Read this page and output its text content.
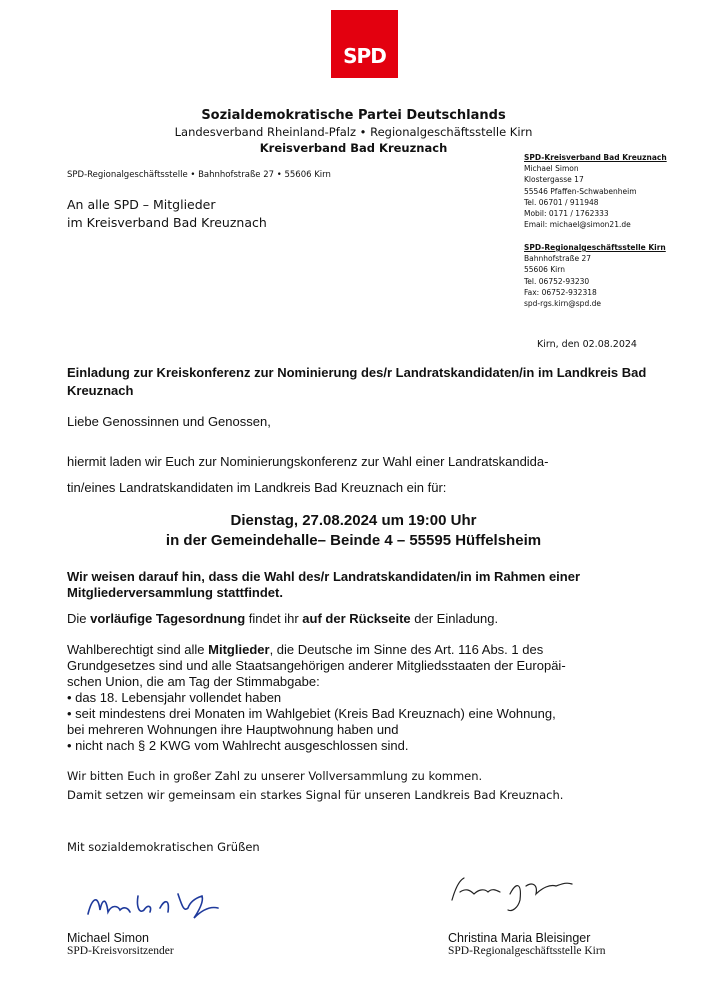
SPD
Sozialdemokratische Partei Deutschlands
Landesverband Rheinland-Pfalz • Regionalgeschäftsstelle Kirn
Kreisverband Bad Kreuznach
SPD-Regionalgeschäftsstelle • Bahnhofstraße 27 • 55606 Kirn
An alle SPD – Mitglieder
im Kreisverband Bad Kreuznach
SPD-Kreisverband Bad Kreuznach
Michael Simon
Klostergasse 17
55546 Pfaffen-Schwabenheim
Tel. 06701 / 911948
Mobil: 0171 / 1762333
Email: michael@simon21.de
SPD-Regionalgeschäftsstelle Kirn
Bahnhofstraße 27
55606 Kirn
Tel. 06752-93230
Fax: 06752-932318
spd-rgs.kirn@spd.de
Kirn, den 02.08.2024
Einladung zur Kreiskonferenz zur Nominierung des/r Landratskandidaten/in im Landkreis Bad Kreuznach
Liebe Genossinnen und Genossen,
hiermit laden wir Euch zur Nominierungskonferenz zur Wahl einer Landratskandida-
tin/eines Landratskandidaten im Landkreis Bad Kreuznach ein für:
Dienstag, 27.08.2024 um 19:00 Uhr
in der Gemeindehalle– Beinde 4 – 55595 Hüffelsheim
Wir weisen darauf hin, dass die Wahl des/r Landratskandidaten/in im Rahmen einer Mitgliederversammlung stattfindet.
Die vorläufige Tagesordnung findet ihr auf der Rückseite der Einladung.
Wahlberechtigt sind alle Mitglieder, die Deutsche im Sinne des Art. 116 Abs. 1 des
Grundgesetzes sind und alle Staatsangehörigen anderer Mitgliedsstaaten der Europäi-
schen Union, die am Tag der Stimmabgabe:
• das 18. Lebensjahr vollendet haben
• seit mindestens drei Monaten im Wahlgebiet (Kreis Bad Kreuznach) eine Wohnung,
bei mehreren Wohnungen ihre Hauptwohnung haben und
• nicht nach § 2 KWG vom Wahlrecht ausgeschlossen sind.
Wir bitten Euch in großer Zahl zu unserer Vollversammlung zu kommen.
Damit setzen wir gemeinsam ein starkes Signal für unseren Landkreis Bad Kreuznach.
Mit sozialdemokratischen Grüßen
Michael Simon
SPD-Kreisvorsitzender
Christina Maria Bleisinger
SPD-Regionalgeschäftsstelle Kirn
